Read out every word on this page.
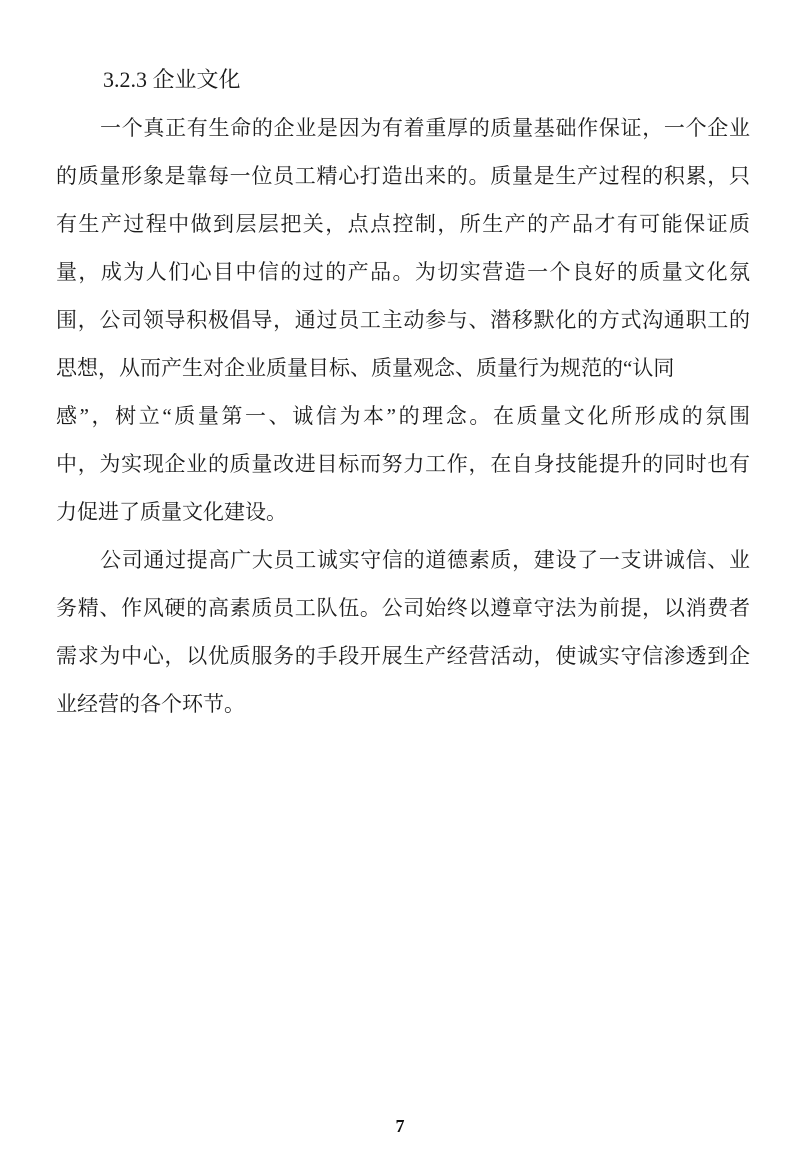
3.2.3 企业文化
一个真正有生命的企业是因为有着重厚的质量基础作保证，一个企业
的质量形象是靠每一位员工精心打造出来的。质量是生产过程的积累，只
有生产过程中做到层层把关，点点控制，所生产的产品才有可能保证质
量，成为人们心目中信的过的产品。为切实营造一个良好的质量文化氛
围，公司领导积极倡导，通过员工主动参与、潜移默化的方式沟通职工的
思想，从而产生对企业质量目标、质量观念、质量行为规范的“认同
感”，树立“质量第一、诚信为本”的理念。在质量文化所形成的氛围
中，为实现企业的质量改进目标而努力工作，在自身技能提升的同时也有
力促进了质量文化建设。
公司通过提高广大员工诚实守信的道德素质，建设了一支讲诚信、业
务精、作风硬的高素质员工队伍。公司始终以遵章守法为前提，以消费者
需求为中心，以优质服务的手段开展生产经营活动，使诚实守信渗透到企
业经营的各个环节。
7
